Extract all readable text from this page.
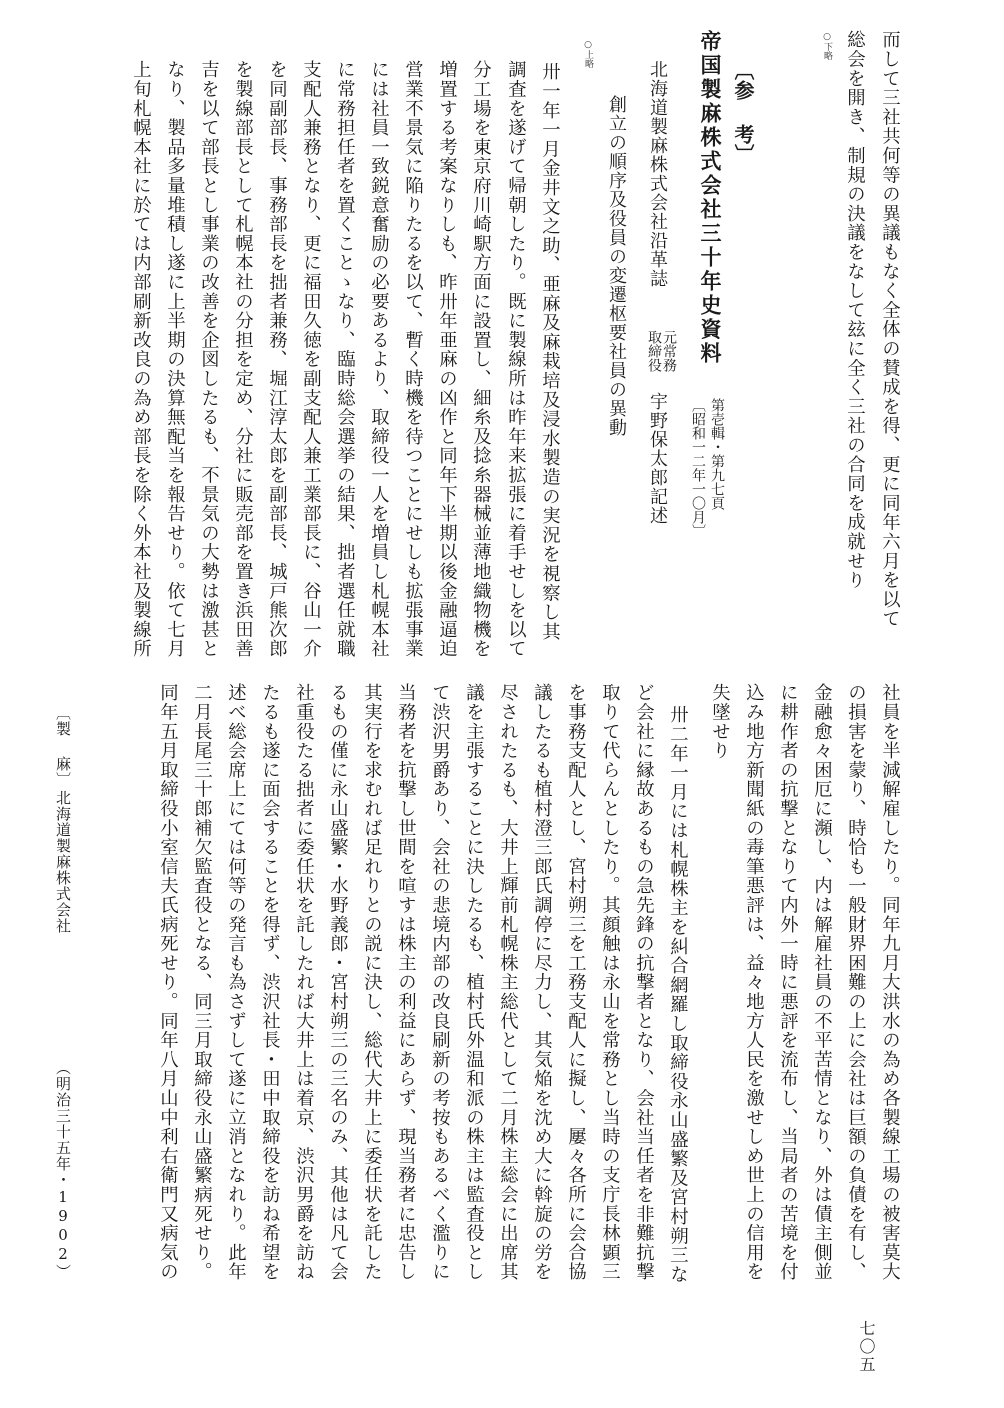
而して三社共何等の異議もなく全体の賛成を得、更に同年六月を以て
総会を開き、制規の決議をなして玆に全く三社の合同を成就せり
○下略
〔参 考〕
帝国製麻株式会社三十年史資料
第壱輯・第九七頁
〔昭和一二年一〇月〕
北海道製麻株式会社沿革誌
元常務
取締役
宇野保太郎記述
創立の順序及役員の変遷枢要社員の異動
○上略
卅一年一月金井文之助、亜麻及麻栽培及浸水製造の実況を視察し其
調査を遂げて帰朝したり。既に製線所は昨年来拡張に着手せしを以て
分工場を東京府川崎駅方面に設置し、細糸及捻糸器械並薄地織物機を
増置する考案なりしも、昨卅年亜麻の凶作と同年下半期以後金融逼迫
営業不景気に陥りたるを以て、暫く時機を待つことにせしも拡張事業
には社員一致鋭意奮励の必要あるより、取締役一人を増員し札幌本社
に常務担任者を置くことゝなり、臨時総会選挙の結果、拙者選任就職
支配人兼務となり、更に福田久徳を副支配人兼工業部長に、谷山一介
を同副部長、事務部長を拙者兼務、堀江淳太郎を副部長、城戸熊次郎
を製線部長として札幌本社の分担を定め、分社に販売部を置き浜田善
吉を以て部長とし事業の改善を企図したるも、不景気の大勢は激甚と
なり、製品多量堆積し遂に上半期の決算無配当を報告せり。依て七月
上旬札幌本社に於ては内部刷新改良の為め部長を除く外本社及製線所
社員を半減解雇したり。同年九月大洪水の為め各製線工場の被害莫大
の損害を蒙り、時恰も一般財界困難の上に会社は巨額の負債を有し、
金融愈々困厄に瀕し、内は解雇社員の不平苦情となり、外は債主側並
に耕作者の抗撃となりて内外一時に悪評を流布し、当局者の苦境を付
込み地方新聞紙の毒筆悪評は、益々地方人民を激せしめ世上の信用を
失墜せり
卅二年一月には札幌株主を糾合網羅し取締役永山盛繁及宮村朔三な
ど会社に縁故あるもの急先鋒の抗撃者となり、会社当任者を非難抗撃
取りて代らんとしたり。其顔触は永山を常務とし当時の支庁長林顕三
を事務支配人とし、宮村朔三を工務支配人に擬し、屢々各所に会合協
議したるも植村澄三郎氏調停に尽力し、其気焔を沈め大に斡旋の労を
尽されたるも、大井上輝前札幌株主総代として二月株主総会に出席其
議を主張することに決したるも、植村氏外温和派の株主は監査役とし
て渋沢男爵あり、会社の悲境内部の改良刷新の考按もあるべく濫りに
当務者を抗撃し世間を喧すは株主の利益にあらず、現当務者に忠告し
其実行を求むれば足れりとの説に決し、総代大井上に委任状を託した
るもの僅に永山盛繁・水野義郎・宮村朔三の三名のみ、其他は凡て会
社重役たる拙者に委任状を託したれば大井上は着京、渋沢男爵を訪ね
たるも遂に面会することを得ず、渋沢社長・田中取締役を訪ね希望を
述べ総会席上にては何等の発言も為さずして遂に立消となれり。此年
二月長尾三十郎補欠監査役となる、同三月取締役永山盛繁病死せり。
同年五月取締役小室信夫氏病死せり。同年八月山中利右衛門又病気の
〔製 麻〕
北海道製麻株式会社
（明治三十五年・1902）
七〇五
